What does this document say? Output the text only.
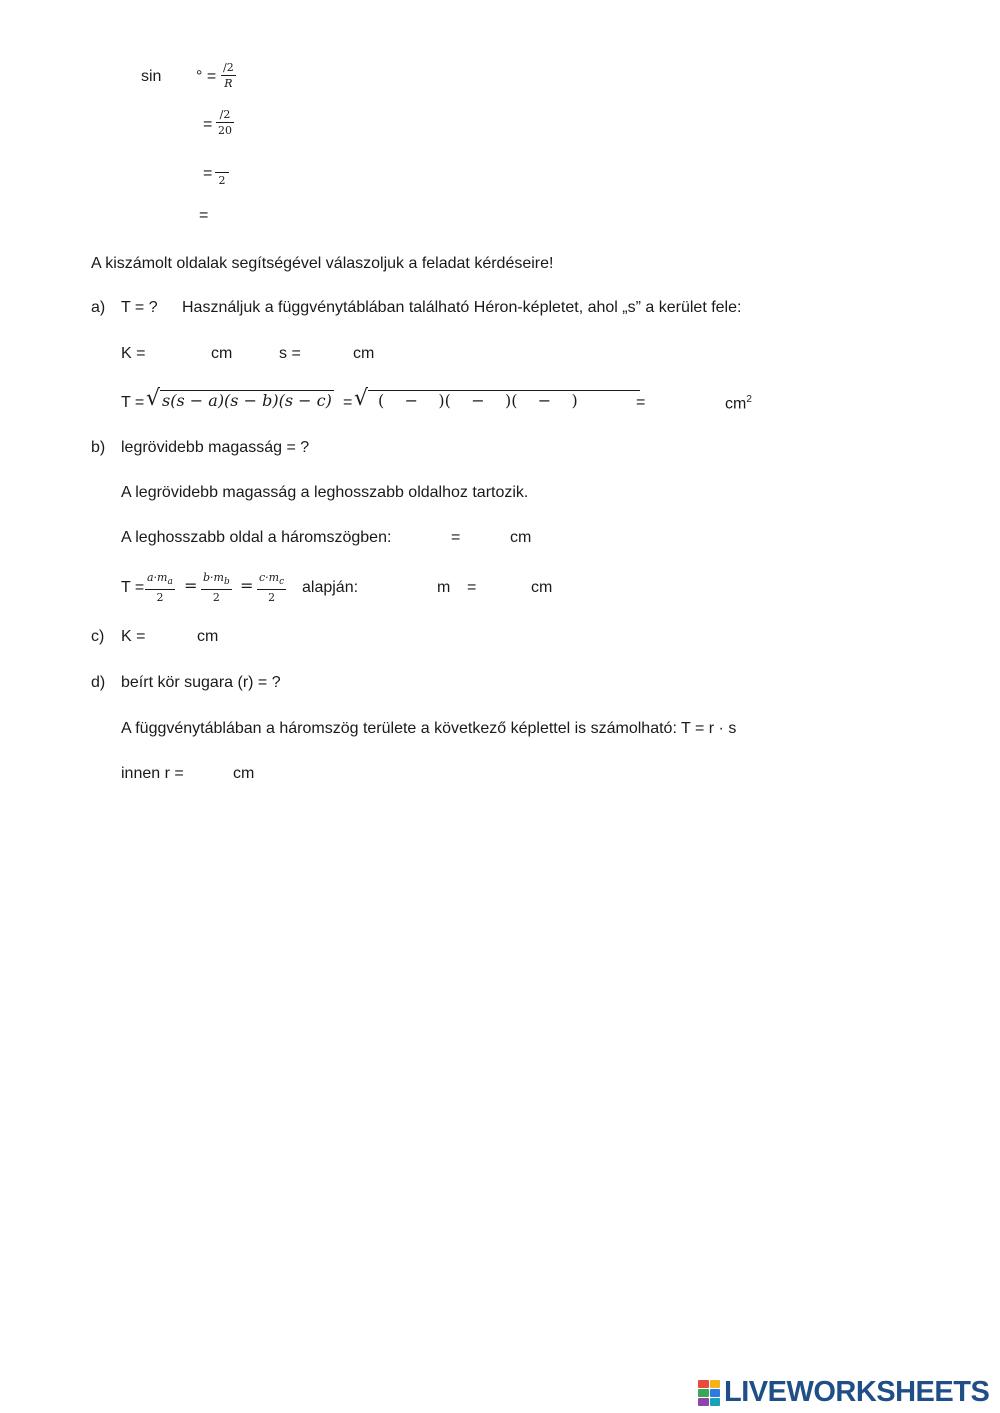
sin ° =
/2
R
=
/2
20
= 2
=
A kiszámolt oldalak segítségével válaszoljuk a feladat kérdéseire!
a) T = ? Használjuk a függvénytáblában található Héron-képletet, ahol „s” a kerület fele:
K =	cm	s =	cm
T = √ s(s − a)(s − b)(s − c) = √ (    −    )(    −    )(    −    )	=	$cm^2$
b) legrövidebb magasság = ?
A legrövidebb magasság a leghosszabb oldalhoz tartozik.
A leghosszabb oldal a háromszögben:	=	cm
T =
$a\cdot m_a$
2
= $b\cdot m_b$
2
= $c\cdot m_c$
2
alapján:	m =	cm
c) K =	cm
d) beírt kör sugara (r) = ?
A függvénytáblában a háromszög területe a következő képlettel is számolható: T = r · s
innen r =	cm
LIVEWORKSHEETS
